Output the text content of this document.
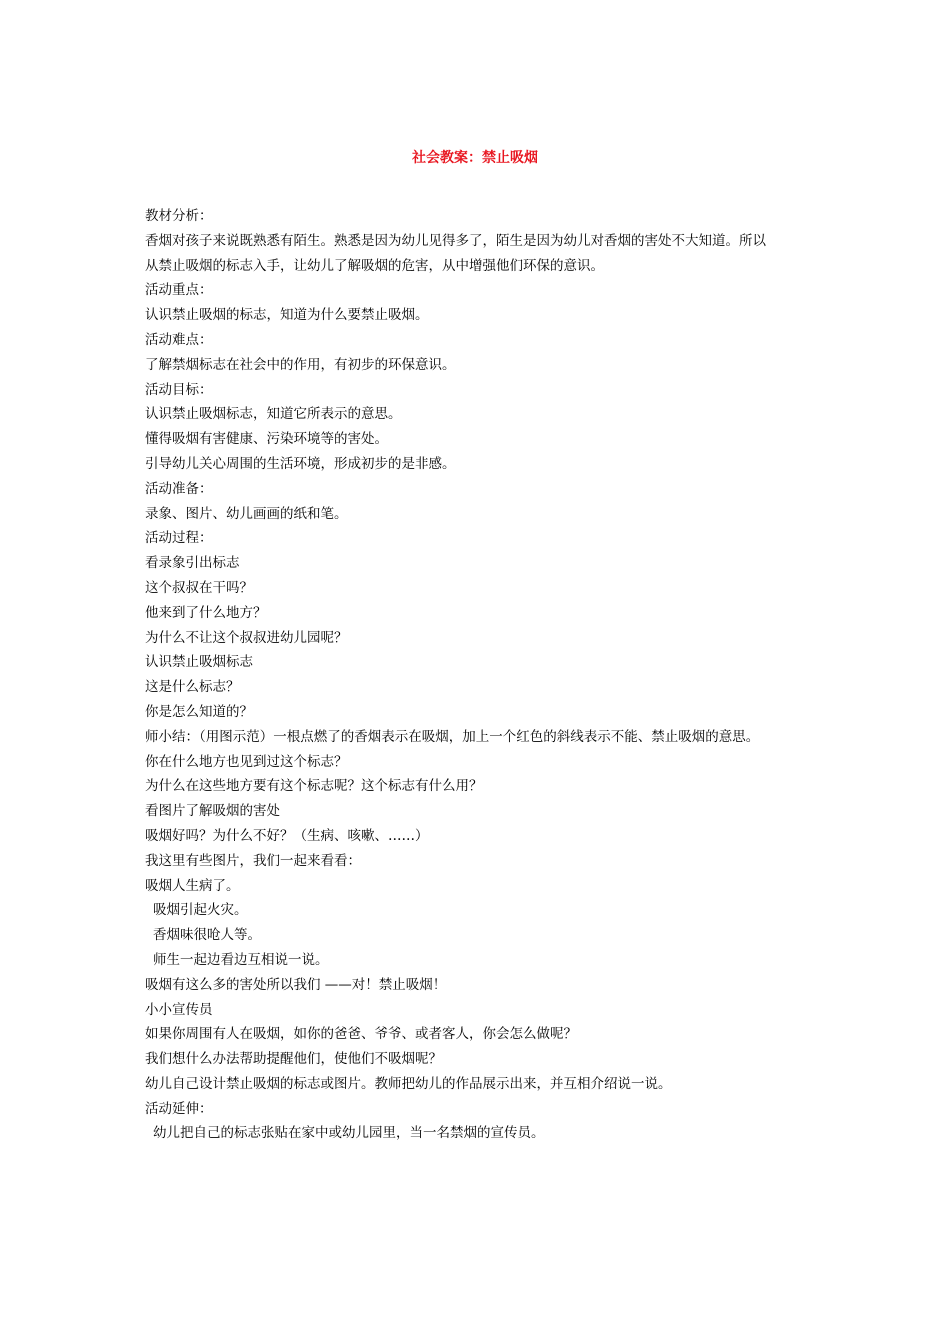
社会教案：禁止吸烟

教材分析：

香烟对孩子来说既熟悉有陌生。熟悉是因为幼儿见得多了，陌生是因为幼儿对香烟的害处不大知道。所以

从禁止吸烟的标志入手，让幼儿了解吸烟的危害，从中增强他们环保的意识。

活动重点：

认识禁止吸烟的标志，知道为什么要禁止吸烟。

活动难点：

了解禁烟标志在社会中的作用，有初步的环保意识。

活动目标：

认识禁止吸烟标志，知道它所表示的意思。

懂得吸烟有害健康、污染环境等的害处。

引导幼儿关心周围的生活环境，形成初步的是非感。

活动准备：

录象、图片、幼儿画画的纸和笔。

活动过程：

看录象引出标志

这个叔叔在干吗？

他来到了什么地方？

为什么不让这个叔叔进幼儿园呢？

认识禁止吸烟标志

这是什么标志？

你是怎么知道的？

师小结：（用图示范）一根点燃了的香烟表示在吸烟，加上一个红色的斜线表示不能、禁止吸烟的意思。

你在什么地方也见到过这个标志？

为什么在这些地方要有这个标志呢？这个标志有什么用？

看图片了解吸烟的害处

吸烟好吗？为什么不好？（生病、咳嗽、……）

我这里有些图片，我们一起来看看：

吸烟人生病了。

吸烟引起火灾。

香烟味很呛人等。

师生一起边看边互相说一说。

吸烟有这么多的害处所以我们 ——对！禁止吸烟！

小小宣传员

如果你周围有人在吸烟，如你的爸爸、爷爷、或者客人，你会怎么做呢？

我们想什么办法帮助提醒他们，使他们不吸烟呢？

幼儿自己设计禁止吸烟的标志或图片。教师把幼儿的作品展示出来，并互相介绍说一说。

活动延伸：

幼儿把自己的标志张贴在家中或幼儿园里，当一名禁烟的宣传员。
